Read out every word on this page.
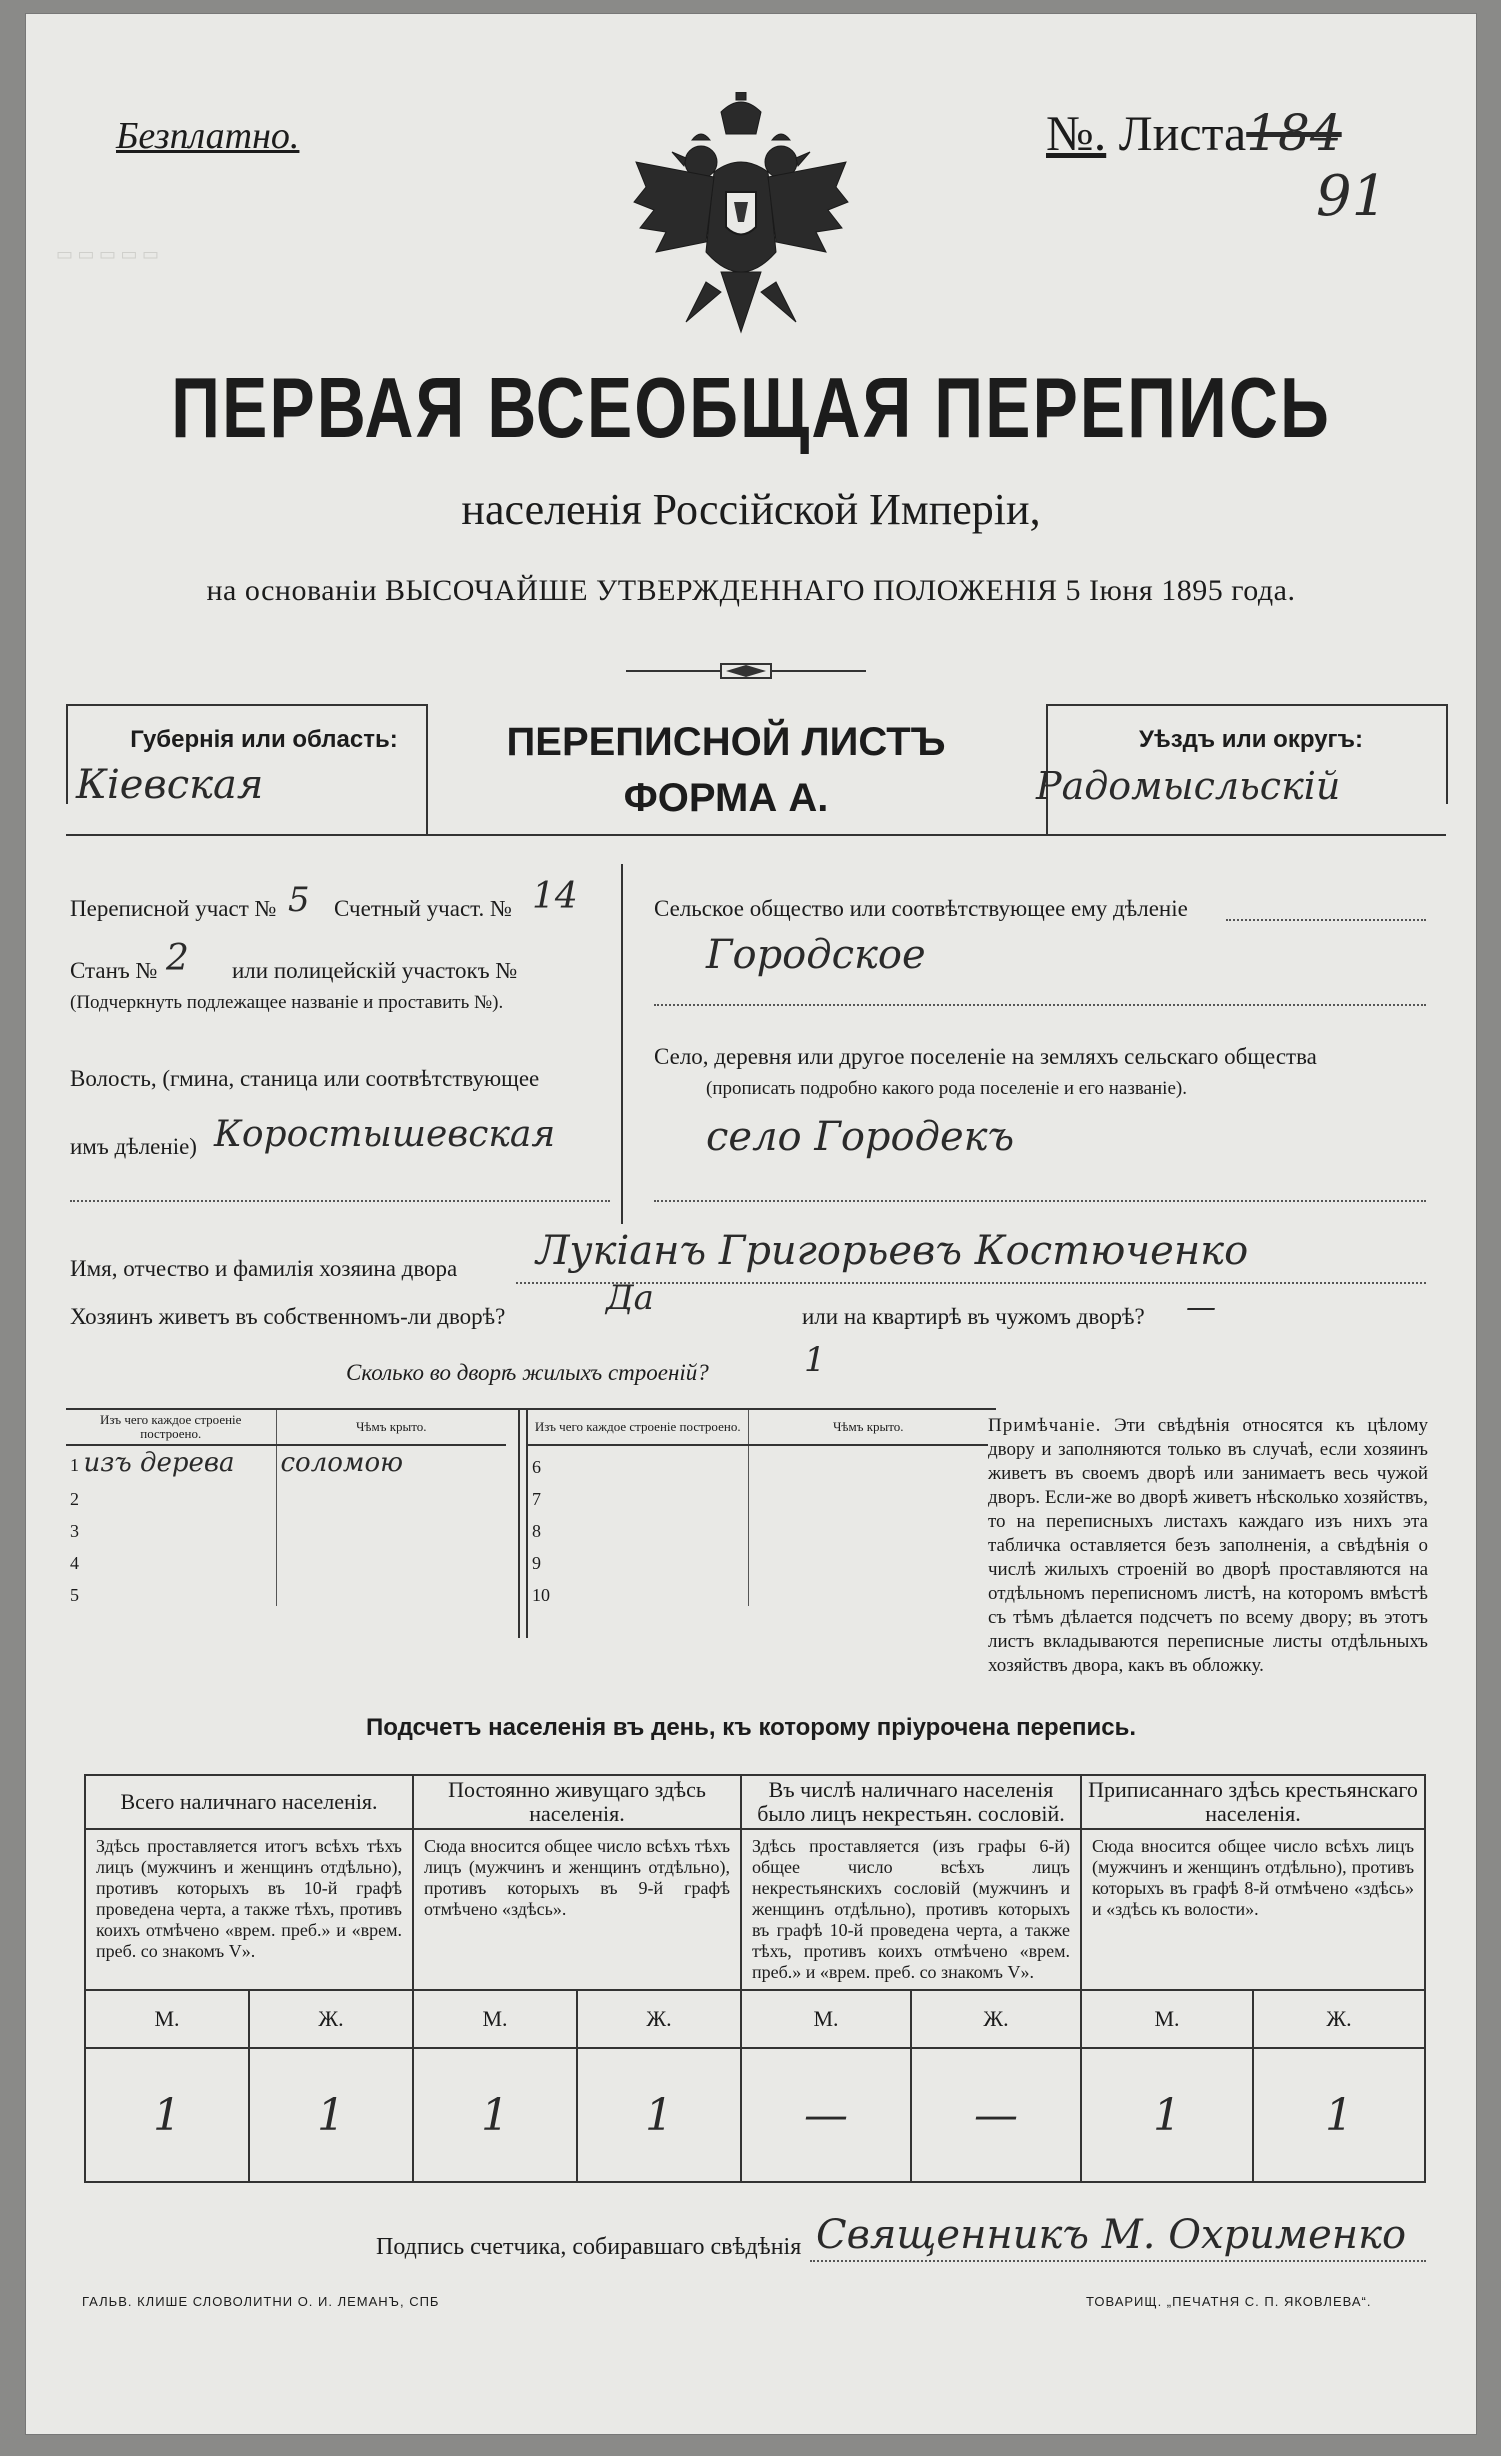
▭ ▭ ▭ ▭ ▭
Безплатно.	№. Листа184
91
ПЕРВАЯ ВСЕОБЩАЯ ПЕРЕПИСЬ
населенія Россійской Имперіи,
на основаніи ВЫСОЧАЙШЕ УТВЕРЖДЕННАГО ПОЛОЖЕНІЯ 5 Іюня 1895 года.
Губернія или область:
Кіевская
ПЕРЕПИСНОЙ ЛИСТЪ
ФОРМА А.
Уѣздъ или округъ:
Радомысльскій
Переписной участ № 5 Счетный участ. № 14
Станъ № 2 или полицейскій участокъ №
(Подчеркнуть подлежащее названіе и проставить №).
Волость, (гмина, станица или соотвѣтствующее
имъ дѣленіе) Коростышевская
Сельское общество или соотвѣтствующее ему дѣленіе
Городское
Село, деревня или другое поселеніе на земляхъ сельскаго общества
(прописать подробно какого рода поселеніе и его названіе).
село Городекъ
Имя, отчество и фамилія хозяина двора Лукіанъ Григорьевъ Костюченко
Хозяинъ живетъ въ собственномъ-ли дворѣ?	Да	или на квартирѣ въ чужомъ дворѣ? —
Сколько во дворѣ жилыхъ строеній?	1
Изъ чего каждое строеніе построено.	Чѣмъ крыто.
1 изъ дерева	соломою
2	
3	
4	
5	
Изъ чего каждое строеніе построено.	Чѣмъ крыто.
6	
7	
8	
9	
10	
Примѣчаніе. Эти свѣдѣнія относятся къ цѣлому двору и заполняются только въ случаѣ, если хозяинъ живетъ въ своемъ дворѣ или занимаетъ весь чужой дворъ. Если-же во дворѣ живетъ нѣсколько хозяйствъ, то на переписныхъ листахъ каждаго изъ нихъ эта табличка оставляется безъ заполненія, а свѣдѣнія о числѣ жилыхъ строеній во дворѣ проставляются на отдѣльномъ переписномъ листѣ, на которомъ вмѣстѣ съ тѣмъ дѣлается подсчетъ по всему двору; въ этотъ листъ вкладываются переписные листы отдѣльныхъ хозяйствъ двора, какъ въ обложку.
Подсчетъ населенія въ день, къ которому пріурочена перепись.
Всего наличнаго населенія.		Постоянно живущаго здѣсь населенія.		Въ числѣ наличнаго населенія было лицъ некрестьян. сословій.		Приписаннаго здѣсь крестьянскаго населенія.	
Здѣсь проставляется итогъ всѣхъ тѣхъ лицъ (мужчинъ и женщинъ отдѣльно), противъ которыхъ въ 10-й графѣ проведена черта, а также тѣхъ, противъ коихъ отмѣчено «врем. преб.» и «врем. преб. со знакомъ V».		Сюда вносится общее число всѣхъ тѣхъ лицъ (мужчинъ и женщинъ отдѣльно), противъ которыхъ въ 9-й графѣ отмѣчено «здѣсь».		Здѣсь проставляется (изъ графы 6-й) общее число всѣхъ лицъ некрестьянскихъ сословій (мужчинъ и женщинъ отдѣльно), противъ которыхъ въ графѣ 10-й проведена черта, а также тѣхъ, противъ коихъ отмѣчено «врем. преб.» и «врем. преб. со знакомъ V».		Сюда вносится общее число всѣхъ лицъ (мужчинъ и женщинъ отдѣльно), противъ которыхъ въ графѣ 8-й отмѣчено «здѣсь» и «здѣсь къ волости».	
М.	Ж.	М.	Ж.	М.	Ж.	М.	Ж.
1	1	1	1	—	—	1	1
Подпись счетчика, собиравшаго свѣдѣнія Священникъ М. Охрименко
ГАЛЬВ. КЛИШЕ СЛОВОЛИТНИ О. И. ЛЕМАНЪ, СПБ	ТОВАРИЩ. „ПЕЧАТНЯ С. П. ЯКОВЛЕВА“.
